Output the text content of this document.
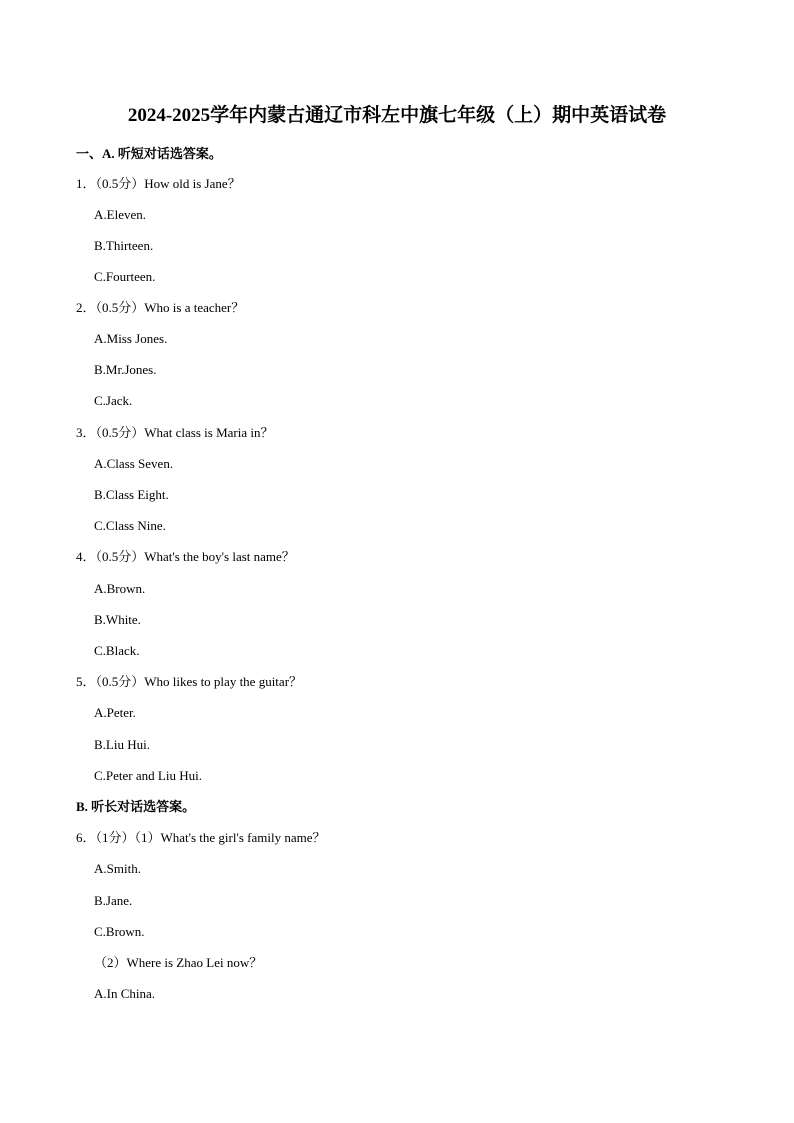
2024-2025学年内蒙古通辽市科左中旗七年级（上）期中英语试卷
一、A. 听短对话选答案。
1．（0.5分）How old is Jane？
A.Eleven.
B.Thirteen.
C.Fourteen.
2．（0.5分）Who is a teacher？
A.Miss Jones.
B.Mr.Jones.
C.Jack.
3．（0.5分）What class is Maria in？
A.Class Seven.
B.Class Eight.
C.Class Nine.
4．（0.5分）What's the boy's last name？
A.Brown.
B.White.
C.Black.
5．（0.5分）Who likes to play the guitar？
A.Peter.
B.Liu Hui.
C.Peter and Liu Hui.
B. 听长对话选答案。
6．（1分）（1）What's the girl's family name？
A.Smith.
B.Jane.
C.Brown.
（2）Where is Zhao Lei now？
A.In China.
